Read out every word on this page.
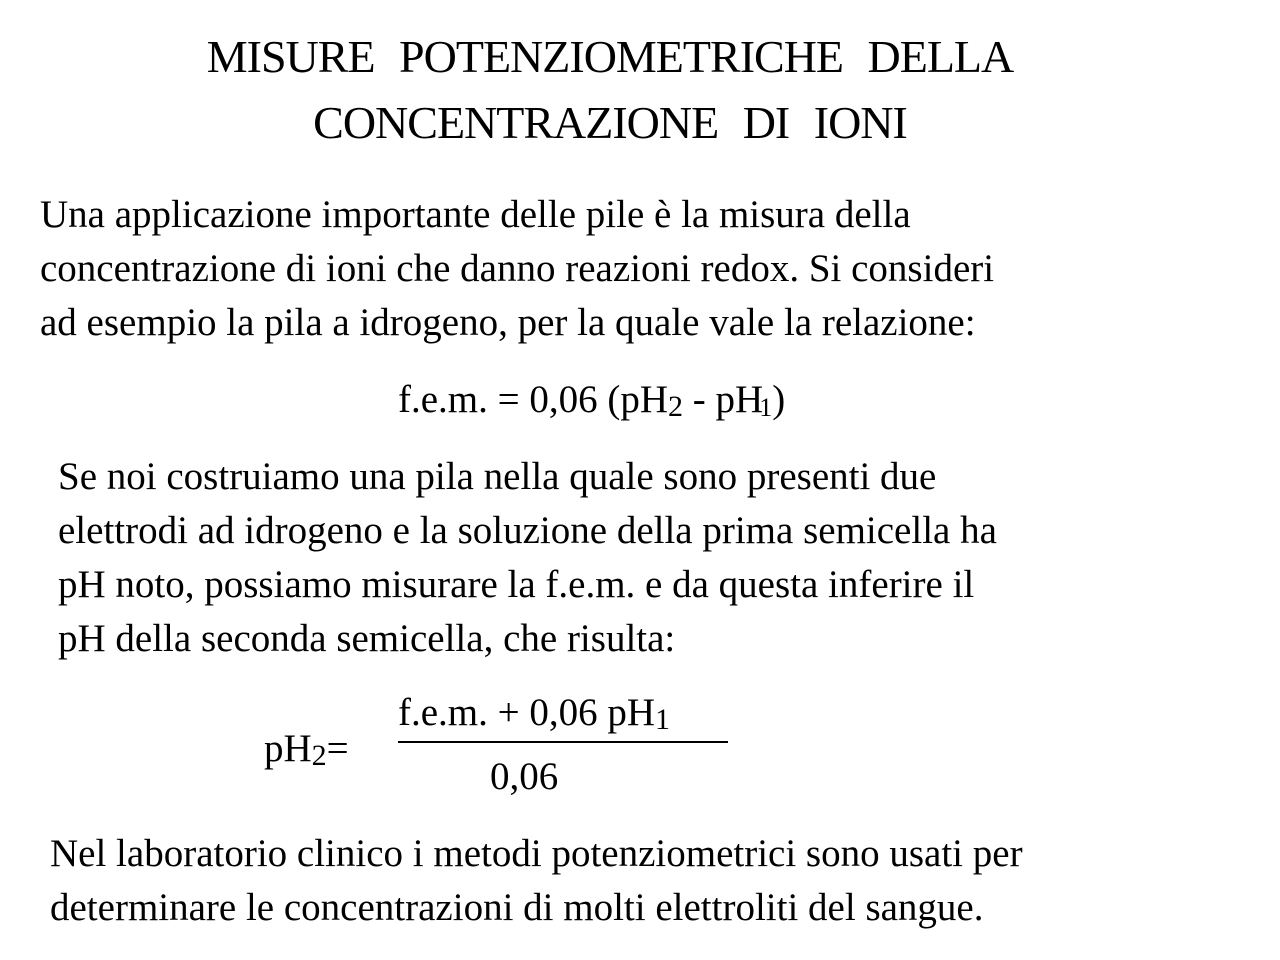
MISURE POTENZIOMETRICHE DELLA
CONCENTRAZIONE DI IONI
Una applicazione importante delle pile è la misura della
concentrazione di ioni che danno reazioni redox. Si consideri
ad esempio la pila a idrogeno, per la quale vale la relazione:
f.e.m. = 0,06 (pH2 - pH1)
Se noi costruiamo una pila nella quale sono presenti due
elettrodi ad idrogeno e la soluzione della prima semicella ha
pH noto, possiamo misurare la f.e.m. e da questa inferire il
pH della seconda semicella, che risulta:
pH2=
f.e.m. + 0,06 pH1
0,06
Nel laboratorio clinico i metodi potenziometrici sono usati per
determinare le concentrazioni di molti elettroliti del sangue.
